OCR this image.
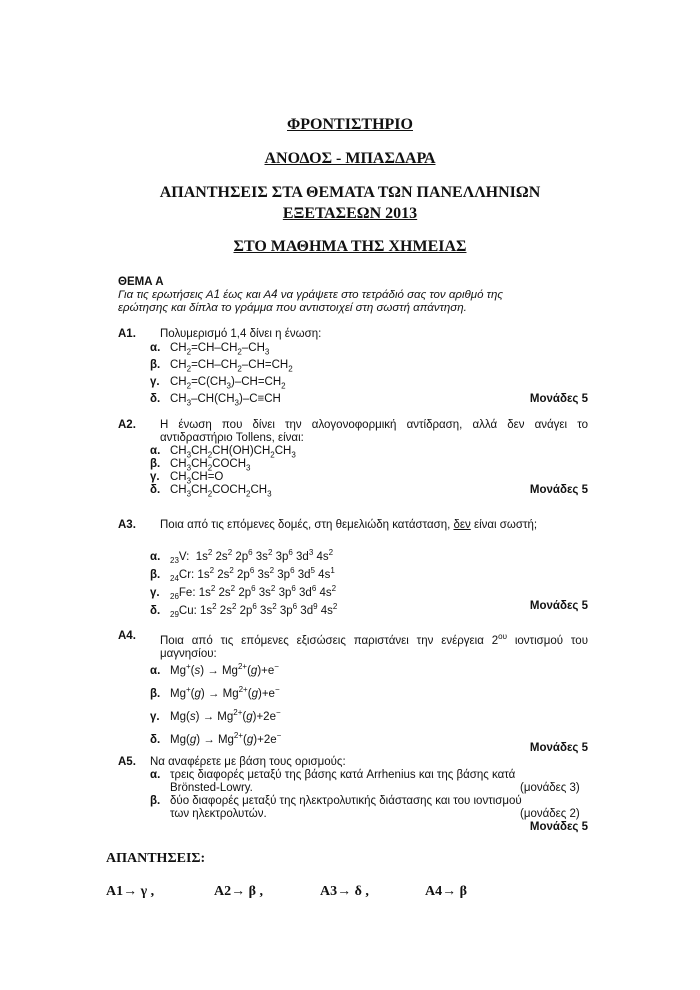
ΦΡΟΝΤΙΣΤΗΡΙΟ
ΑΝΟΔΟΣ - ΜΠΑΣΔΑΡΑ
ΑΠΑΝΤΗΣΕΙΣ ΣΤΑ ΘΕΜΑΤΑ ΤΩΝ ΠΑΝΕΛΛΗΝΙΩΝ
ΕΞΕΤΑΣΕΩΝ 2013
ΣΤΟ ΜΑΘΗΜΑ ΤΗΣ ΧΗΜΕΙΑΣ
ΘΕΜΑ Α
Για τις ερωτήσεις Α1 έως και Α4 να γράψετε στο τετράδιό σας τον αριθμό της
ερώτησης και δίπλα το γράμμα που αντιστοιχεί στη σωστή απάντηση.
Α1. Πολυμερισμό 1,4 δίνει η ένωση:
α. $CH_2=CH-CH_2-CH_3$
β. $CH_2=CH-CH_2-CH=CH_2$
γ. $CH_2=C(CH_3)-CH=CH_2$
δ. $CH_3-CH(CH_3)-C\equiv CH$	Μονάδες 5
Α2. Η ένωση που δίνει την αλογονοφορμική αντίδραση, αλλά δεν ανάγει το αντιδραστήριο Tollens, είναι:
α. $CH_3CH_2CH(OH)CH_2CH_3$
β. $CH_3CH_2COCH_3$
γ. $CH_3CH=O$
δ. $CH_3CH_2COCH_2CH_3$	Μονάδες 5
Α3. Ποια από τις επόμενες δομές, στη θεμελιώδη κατάσταση, δεν είναι σωστή;
α. $_{23}$V:  $1s^2$ $2s^2$ $2p^6$ $3s^2$ $3p^6$ $3d^3$ $4s^2$
β. $_{24}$Cr: $1s^2$ $2s^2$ $2p^6$ $3s^2$ $3p^6$ $3d^5$ $4s^1$
γ. $_{26}$Fe: $1s^2$ $2s^2$ $2p^6$ $3s^2$ $3p^6$ $3d^6$ $4s^2$
δ. $_{29}$Cu: $1s^2$ $2s^2$ $2p^6$ $3s^2$ $3p^6$ $3d^9$ $4s^2$	Μονάδες 5
Α4. Ποια από τις επόμενες εξισώσεις παριστάνει την ενέργεια $2^{o\upsilon}$ ιοντισμού του μαγνησίου:
α. $Mg^+(s) \to Mg^{2+}(g)+e^-$
β. $Mg^+(g) \to Mg^{2+}(g)+e^-$
γ. $Mg(s) \to Mg^{2+}(g)+2e^-$
δ. $Mg(g) \to Mg^{2+}(g)+2e^-$
Μονάδες 5
Α5. Να αναφέρετε με βάση τους ορισμούς:
α. τρεις διαφορές μεταξύ της βάσης κατά Arrhenius και της βάσης κατά
Brönsted-Lowry.	(μονάδες 3)
β. δύο διαφορές μεταξύ της ηλεκτρολυτικής διάστασης και του ιοντισμού
των ηλεκτρολυτών.	(μονάδες 2)
Μονάδες 5
ΑΠΑΝΤΗΣΕΙΣ:
Α1→ γ ,	Α2→ β ,	Α3→ δ ,	Α4→ β
